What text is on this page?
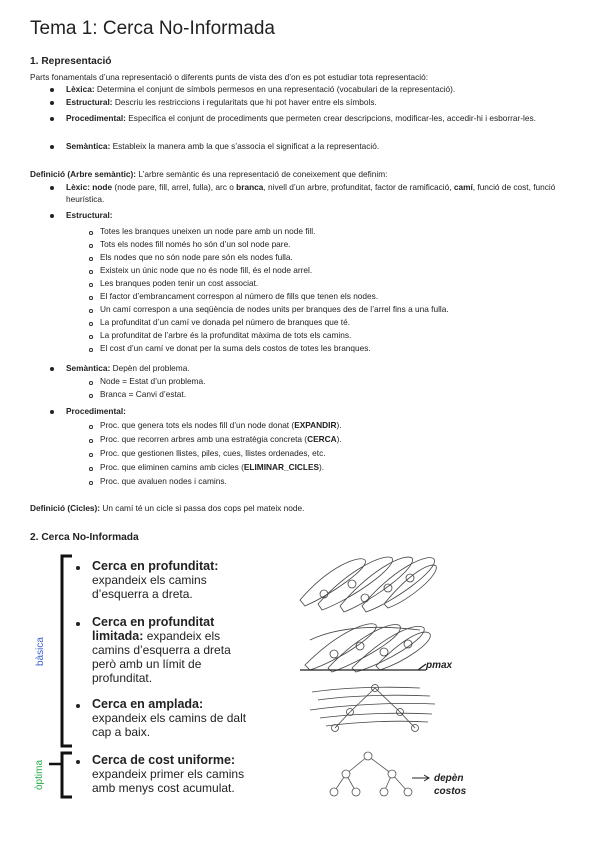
Tema 1: Cerca No-Informada
1. Representació
Parts fonamentals d’una representació o diferents punts de vista des d’on es pot estudiar tota representació:
Lèxica: Determina el conjunt de símbols permesos en una representació (vocabulari de la representació).
Estructural: Descriu les restriccions i regularitats que hi pot haver entre els símbols.
Procedimental: Especifica el conjunt de procediments que permeten crear descripcions, modificar-les, accedir-hi i esborrar-les.
Semàntica: Estableix la manera amb la que s’associa el significat a la representació.
Definició (Arbre semàntic): L’arbre semàntic és una representació de coneixement que definim:
Lèxic: node (node pare, fill, arrel, fulla), arc o branca, nivell d’un arbre, profunditat, factor de ramificació, camí, funció de cost, funció heurística.
Estructural:
Totes les branques uneixen un node pare amb un node fill.
Tots els nodes fill només ho són d’un sol node pare.
Els nodes que no són node pare són els nodes fulla.
Existeix un únic node que no és node fill, és el node arrel.
Les branques poden tenir un cost associat.
El factor d’embrancament correspon al número de fills que tenen els nodes.
Un camí correspon a una seqüència de nodes units per branques des de l’arrel fins a una fulla.
La profunditat d’un camí ve donada pel número de branques que té.
La profunditat de l’arbre és la profunditat màxima de tots els camins.
El cost d’un camí ve donat per la suma dels costos de totes les branques.
Semàntica: Depèn del problema.
Node = Estat d’un problema.
Branca = Canvi d’estat.
Procedimental:
Proc. que genera tots els nodes fill d’un node donat (EXPANDIR).
Proc. que recorren arbres amb una estratègia concreta (CERCA).
Proc. que gestionen llistes, piles, cues, llistes ordenades, etc.
Proc. que eliminen camins amb cicles (ELIMINAR_CICLES).
Proc. que avaluen nodes i camins.
Definició (Cicles): Un camí té un cicle si passa dos cops pel mateix node.
2. Cerca No-Informada
bàsica
òptima
Cerca en profunditat:
expandeix els camins
d’esquerra a dreta.
Cerca en profunditat
limitada: expandeix els
camins d’esquerra a dreta
però amb un límit de
profunditat.
Cerca en amplada:
expandeix els camins de dalt
cap a baix.
Cerca de cost uniforme:
expandeix primer els camins
amb menys cost acumulat.
pmax
depèn
costos
